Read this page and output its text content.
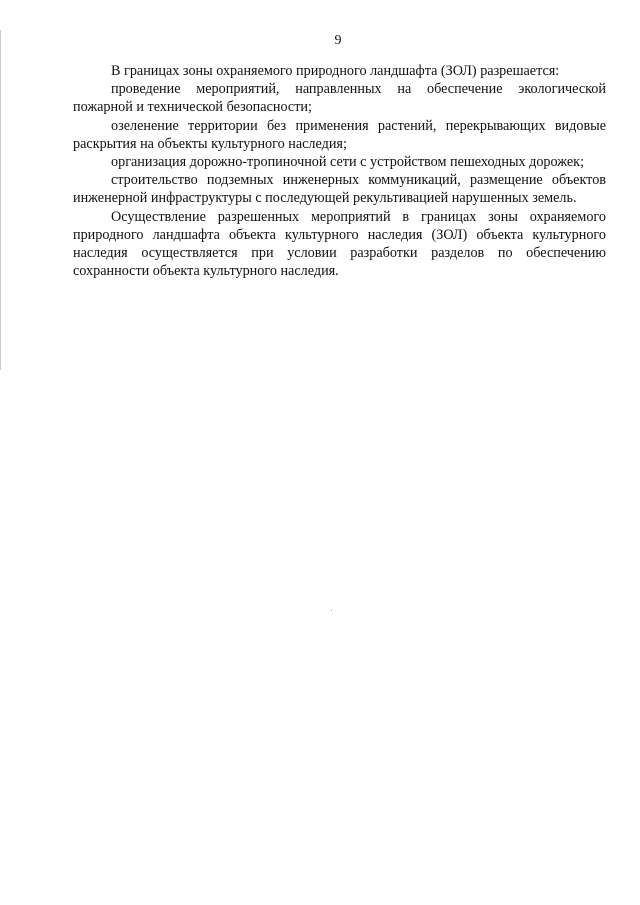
9

В границах зоны охраняемого природного ландшафта (ЗОЛ) разрешается:

проведение мероприятий, направленных на обеспечение экологической пожарной и технической безопасности;

озеленение территории без применения растений, перекрывающих видовые раскрытия на объекты культурного наследия;

организация дорожно-тропиночной сети с устройством пешеходных дорожек;

строительство подземных инженерных коммуникаций, размещение объектов инженерной инфраструктуры с последующей рекультивацией нарушенных земель.

Осуществление разрешенных мероприятий в границах зоны охраняемого природного ландшафта объекта культурного наследия (ЗОЛ) объекта культурного наследия осуществляется при условии разработки разделов по обеспечению сохранности объекта культурного наследия.
